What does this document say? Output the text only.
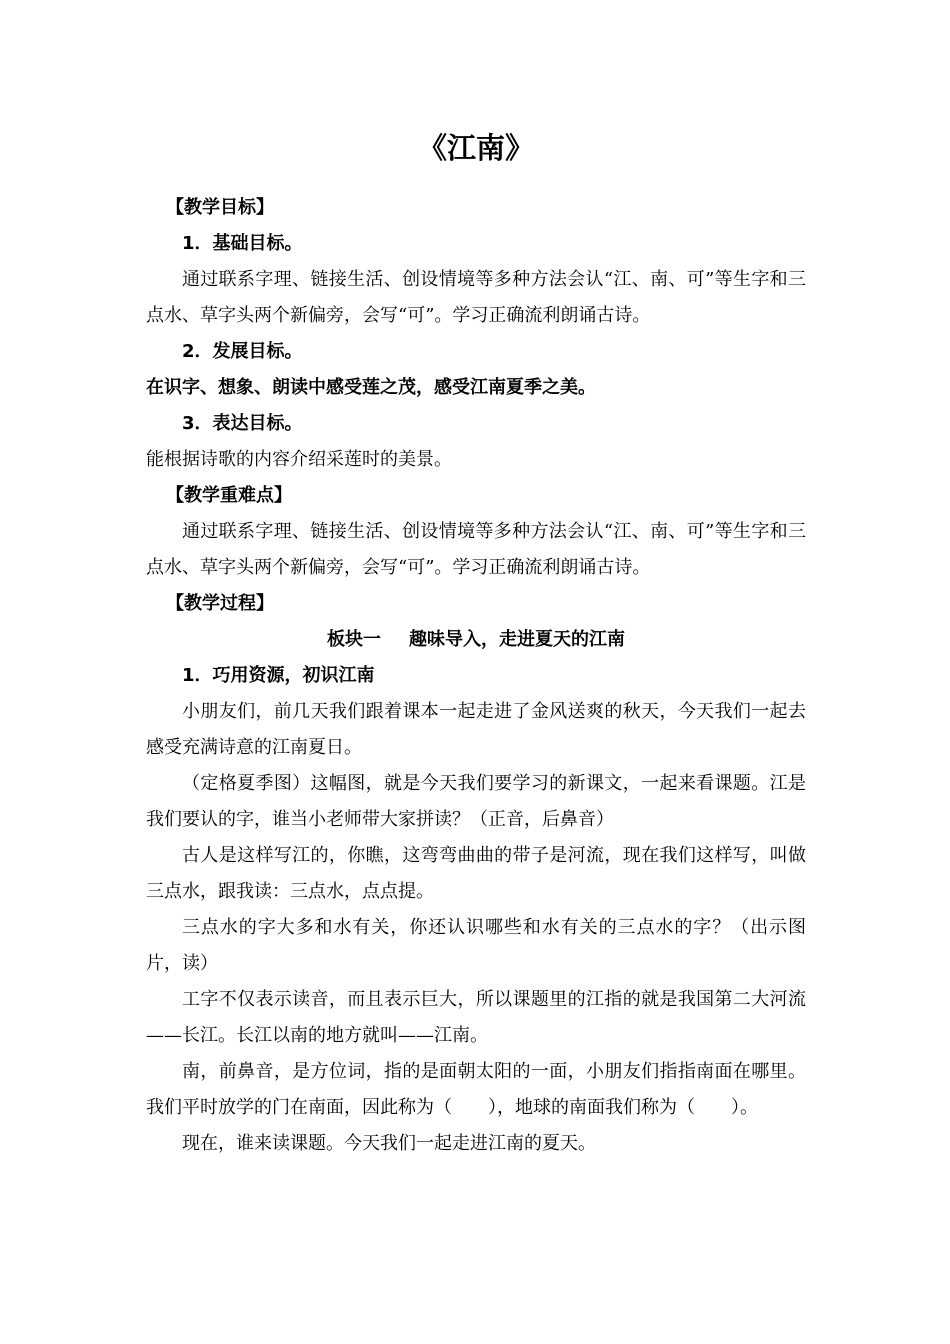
《江南》

【教学目标】

1．基础目标。

通过联系字理、链接生活、创设情境等多种方法会认“江、南、可”等生字和三点水、草字头两个新偏旁，会写“可”。学习正确流利朗诵古诗。

2．发展目标。

在识字、想象、朗读中感受莲之茂，感受江南夏季之美。

3．表达目标。

能根据诗歌的内容介绍采莲时的美景。

【教学重难点】

通过联系字理、链接生活、创设情境等多种方法会认“江、南、可”等生字和三点水、草字头两个新偏旁，会写“可”。学习正确流利朗诵古诗。

【教学过程】

板块一 趣味导入，走进夏天的江南

1．巧用资源，初识江南

小朋友们，前几天我们跟着课本一起走进了金风送爽的秋天，今天我们一起去感受充满诗意的江南夏日。

（定格夏季图）这幅图，就是今天我们要学习的新课文，一起来看课题。江是我们要认的字，谁当小老师带大家拼读？（正音，后鼻音）

古人是这样写江的，你瞧，这弯弯曲曲的带子是河流，现在我们这样写，叫做三点水，跟我读：三点水，点点提。

三点水的字大多和水有关，你还认识哪些和水有关的三点水的字？（出示图片，读）

工字不仅表示读音，而且表示巨大，所以课题里的江指的就是我国第二大河流——长江。长江以南的地方就叫——江南。

南，前鼻音，是方位词，指的是面朝太阳的一面，小朋友们指指南面在哪里。我们平时放学的门在南面，因此称为（　　），地球的南面我们称为（　　）。

现在，谁来读课题。今天我们一起走进江南的夏天。
